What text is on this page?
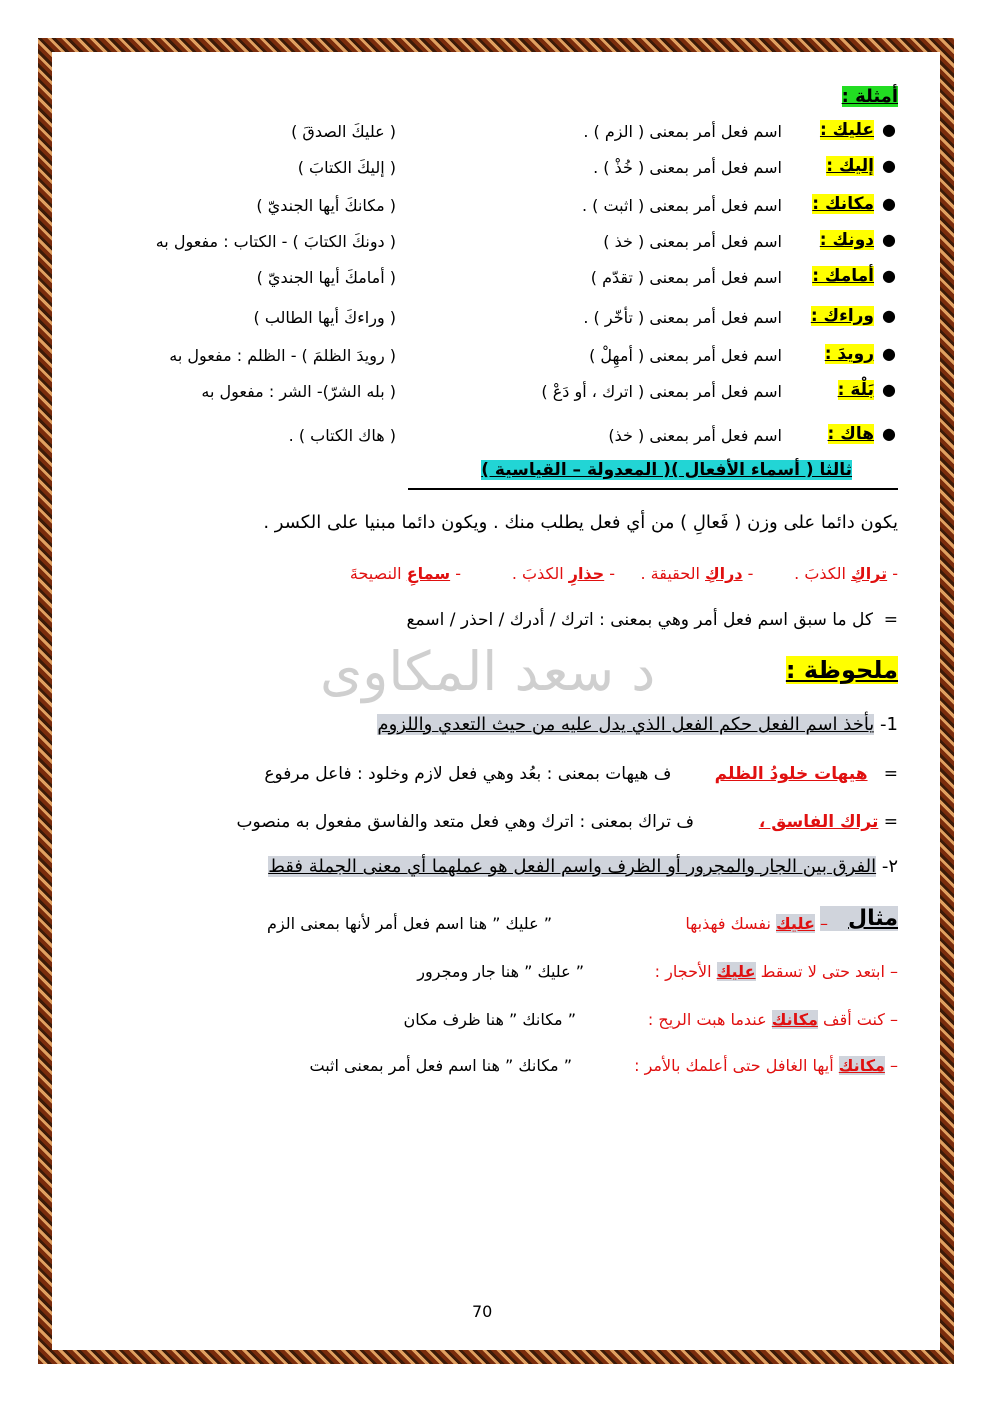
أمثلة :
●
عليك :
اسم فعل أمر بمعنى ( الزم ) .
( عليكَ الصدقَ )
●
إليك :
اسم فعل أمر بمعنى ( خُذْ ) .
( إليكَ الكتابَ )
●
مكانك :
اسم فعل أمر بمعنى ( اثبت ) .
( مكانكَ أيها الجنديّ )
●
دونك :
اسم فعل أمر بمعنى ( خذ )
( دونكَ الكتابَ ) - الكتاب : مفعول به
●
أمامك :
اسم فعل أمر بمعنى ( تقدّم )
( أمامكَ أيها الجنديّ )
●
وراءك :
اسم فعل أمر بمعنى ( تأخّر ) .
( وراءكَ أيها الطالب )
●
رويدَ :
اسم فعل أمر بمعنى ( أمهِلْ )
( رويدَ الظلمَ ) - الظلم : مفعول به
●
بَلْهَ :
اسم فعل أمر بمعنى ( اترك ، أو دَعْ )
( بله الشرّ)- الشر : مفعول به
●
هاك :
اسم فعل أمر بمعنى ( خذ)
( هاك الكتاب ) .
ثالثا ( أسماء الأفعال )( المعدولة – القياسية )
يكون دائما على وزن ( فَعالِ ) من أي فعل يطلب منك . ويكون دائما مبنيا على الكسر .
- تراكِ الكذبَ .        - دراكِ الحقيقة .     - حذارِ الكذبَ .          - سماعِ النصيحةَ
=  كل ما سبق اسم فعل أمر وهي بمعنى : اترك / أدرك / احذر / اسمع
د سعد المكاوى	ملحوظة :
1- يأخذ اسم الفعل حكم الفعل الذي يدل عليه من حيث التعدي واللزوم
=   هيهات خلودُ الظلم        ف هيهات بمعنى : بعُد وهي فعل لازم وخلود : فاعل مرفوع
= تراك الفاسق ،            ف تراك بمعنى : اترك وهي فعل متعد والفاسق مفعول به منصوب
٢- الفرق بين الجار والمجرور أو الظرف واسم الفعل هو عملهما أي معنى الجملة فقط
مثال
– عليك نفسك فهذبها
” عليك ” هنا اسم فعل أمر لأنها بمعنى الزم
– ابتعد حتى لا تسقط عليك الأحجار :
” عليك ” هنا جار ومجرور
– كنت أقف مكانك عندما هبت الريح :
” مكانك ” هنا ظرف مكان
– مكانك أيها الغافل حتى أعلمك بالأمر :
” مكانك ” هنا اسم فعل أمر بمعنى اثبت
70
